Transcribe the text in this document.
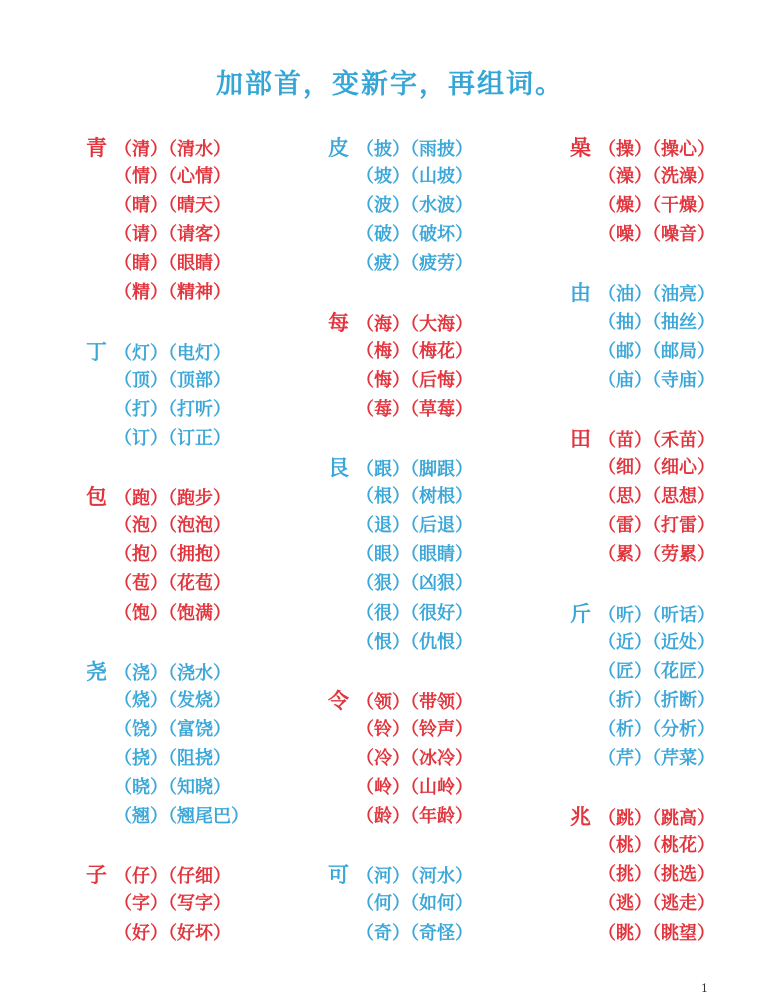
加部首，变新字，再组词。
青 （清）（清水）
（情）（心情）
（晴）（晴天）
（请）（请客）
（睛）（眼睛）
（精）（精神）
丁 （灯）（电灯）
（顶）（顶部）
（打）（打听）
（订）（订正）
包 （跑）（跑步）
（泡）（泡泡）
（抱）（拥抱）
（苞）（花苞）
（饱）（饱满）
尧 （浇）（浇水）
（烧）（发烧）
（饶）（富饶）
（挠）（阻挠）
（晓）（知晓）
（翘）（翘尾巴）
子 （仔）（仔细）
（字）（写字）
（好）（好坏）
皮 （披）（雨披）
（坡）（山坡）
（波）（水波）
（破）（破坏）
（疲）（疲劳）
每 （海）（大海）
（梅）（梅花）
（悔）（后悔）
（莓）（草莓）
艮 （跟）（脚跟）
（根）（树根）
（退）（后退）
（眼）（眼睛）
（狠）（凶狠）
（很）（很好）
（恨）（仇恨）
令 （领）（带领）
（铃）（铃声）
（冷）（冰冷）
（岭）（山岭）
（龄）（年龄）
可 （河）（河水）
（何）（如何）
（奇）（奇怪）
喿 （操）（操心）
（澡）（洗澡）
（燥）（干燥）
（噪）（噪音）
由 （油）（油亮）
（抽）（抽丝）
（邮）（邮局）
（庙）（寺庙）
田 （苗）（禾苗）
（细）（细心）
（思）（思想）
（雷）（打雷）
（累）（劳累）
斤 （听）（听话）
（近）（近处）
（匠）（花匠）
（折）（折断）
（析）（分析）
（芹）（芹菜）
兆 （跳）（跳高）
（桃）（桃花）
（挑）（挑选）
（逃）（逃走）
（眺）（眺望）
1
